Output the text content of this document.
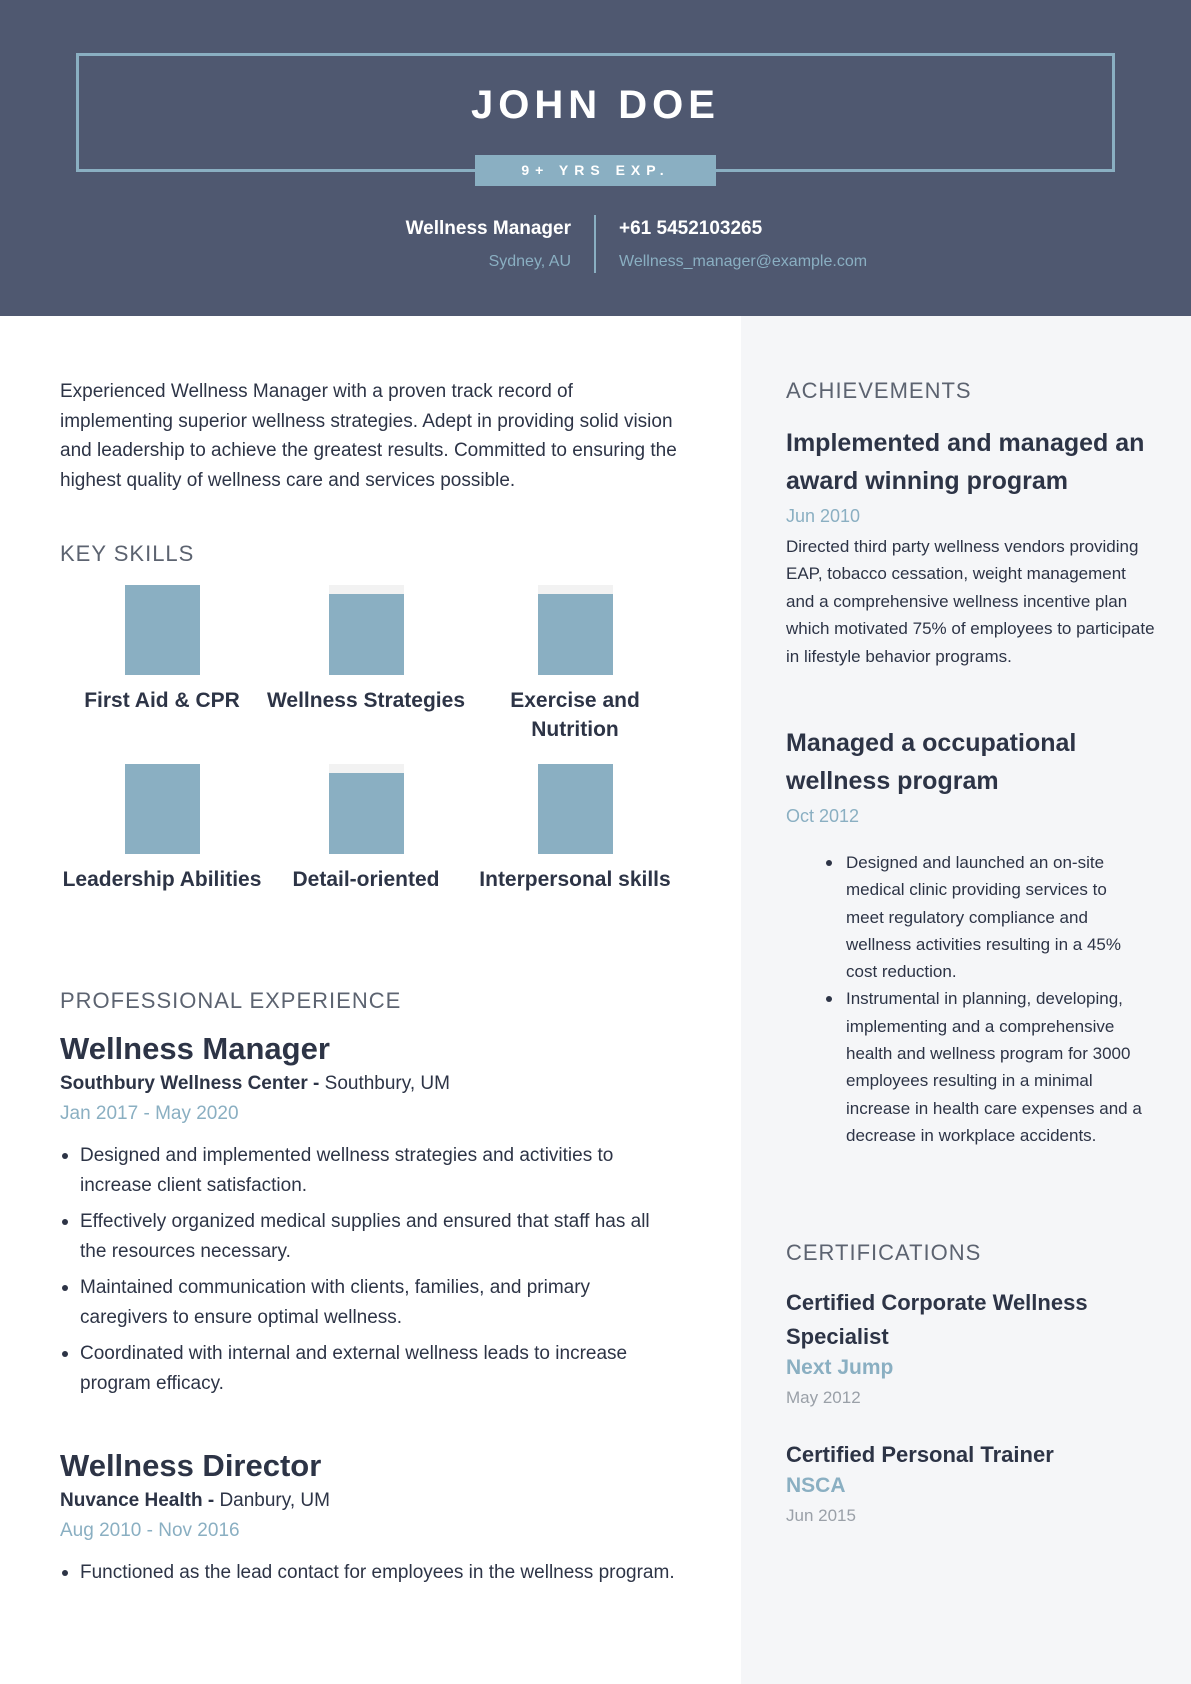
JOHN DOE
9+ YRS EXP.
Wellness Manager
Sydney, AU
+61 5452103265
Wellness_manager@example.com
Experienced Wellness Manager with a proven track record of implementing superior wellness strategies. Adept in providing solid vision and leadership to achieve the greatest results. Committed to ensuring the highest quality of wellness care and services possible.
KEY SKILLS
First Aid & CPR	Wellness Strategies	Exercise and Nutrition
Leadership Abilities	Detail-oriented	Interpersonal skills
PROFESSIONAL EXPERIENCE
Wellness Manager
Southbury Wellness Center - Southbury, UM
Jan 2017 - May 2020
Designed and implemented wellness strategies and activities to increase client satisfaction.
Effectively organized medical supplies and ensured that staff has all the resources necessary.
Maintained communication with clients, families, and primary caregivers to ensure optimal wellness.
Coordinated with internal and external wellness leads to increase program efficacy.
Wellness Director
Nuvance Health - Danbury, UM
Aug 2010 - Nov 2016
Functioned as the lead contact for employees in the wellness program.
ACHIEVEMENTS
Implemented and managed an award winning program
Jun 2010
Directed third party wellness vendors providing EAP, tobacco cessation, weight management and a comprehensive wellness incentive plan which motivated 75% of employees to participate in lifestyle behavior programs.
Managed a occupational wellness program
Oct 2012
Designed and launched an on-site medical clinic providing services to meet regulatory compliance and wellness activities resulting in a 45% cost reduction.
Instrumental in planning, developing, implementing and a comprehensive health and wellness program for 3000 employees resulting in a minimal increase in health care expenses and a decrease in workplace accidents.
CERTIFICATIONS
Certified Corporate Wellness Specialist
Next Jump
May 2012
Certified Personal Trainer
NSCA
Jun 2015
